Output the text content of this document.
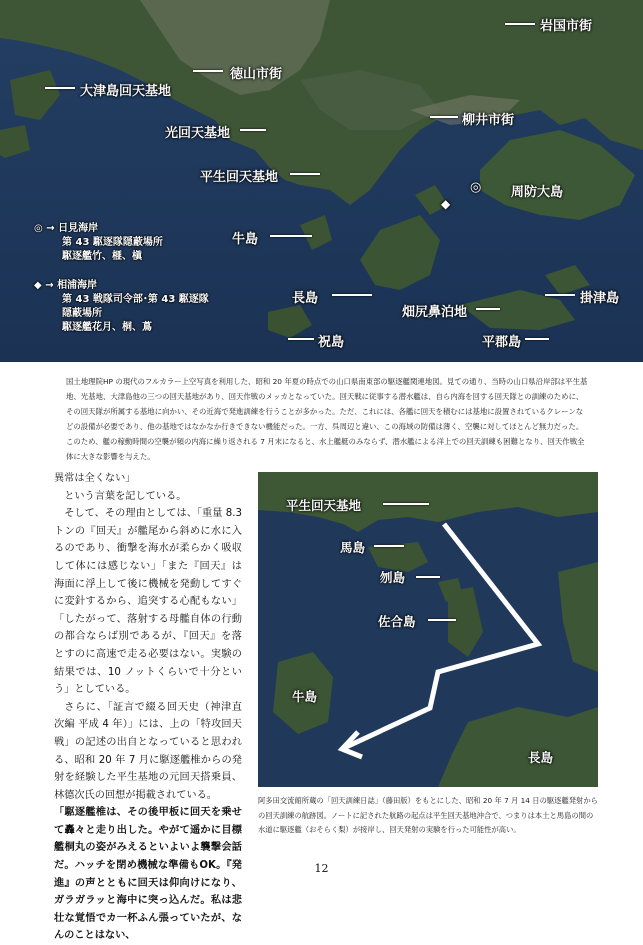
岩国市街
徳山市街
大津島回天基地
柳井市街
光回天基地
平生回天基地
◎ 周防大島
◆
牛島
長島	掛津島
畑尻鼻泊地
平郡島
祝島
◎ → 日見海岸
第 43 駆逐隊隠蔽場所
駆逐艦竹、榧、槇
◆ → 相浦海岸
第 43 戦隊司令部･第 43 駆逐隊
隠蔽場所
駆逐艦花月、桐、蔦
国土地理院HP の現代のフルカラー上空写真を利用した、昭和 20 年夏の時点での山口県南東部の駆逐艦関連地図。見ての通り、当時の山口県沿岸部は平生基地、光基地、大津島他の三つの回天基地があり、回天作戦のメッカとなっていた。回天戦に従事する潜水艦は、自ら内海を回する回天隊との訓練のために、その回天隊が所属する基地に向かい、その近海で発進訓練を行うことが多かった。ただ、これには、各艦に回天を積むには基地に設置されているクレーンなどの設備が必要であり、他の基地ではなかなか行きできない機能だった。一方、呉周辺と違い、この海域の防備は薄く、空襲に対してほとんど無力だった。このため、艦の稼動時間の空襲が頻の内海に繰り返される 7 月末になると、水上艦艇のみならず、潜水艦による洋上での回天訓練も困難となり、回天作戦全体に大きな影響を与えた。

異常は全くない」

という言葉を記している。

そして、その理由としては、「重量 8.3 トンの『回天』が艦尾から斜めに水に入るのであり、衝撃を海水が柔らかく吸収して体には感じない」「また『回天』は海面に浮上して後に機械を発動してすぐに変針するから、追突する心配もない」「したがって、落射する母艦自体の行動の都合ならば別であるが、『回天』を落とすのに高速で走る必要はない。実験の結果では、10 ノットくらいで十分という」としている。

さらに、「証言で綴る回天史（神津直次編 平成 4 年）」には、上の「特攻回天戦」の記述の出自となっていると思われる、昭和 20 年 7 月に駆逐艦椎からの発射を経験した平生基地の元回天搭乗員、林德次氏の回想が掲載されている。

「駆逐艦椎は、その後甲板に回天を乗せて轟々と走り出した。やがて遥かに目標艦桐丸の姿がみえるといよいよ襲撃会話だ。ハッチを閉め機械な準備もOK。『発進』の声とともに回天は仰向けになり、ガラガラッと海中に突っ込んだ。私は悲壮な覚悟でカ一杯ふん張っていたが、なんのことはない、

平生回天基地
馬島
刎島
佐合島
牛島
長島
阿多田交流館所蔵の「回天訓練日誌」（藤田版）をもとにした、昭和 20 年 7 月 14 日の駆逐艦発射からの回天訓練の航跡図。ノートに記された航路の起点は平生回天基地沖合で、つまりは本土と馬島の間の水道に駆逐艦（おそらく梨）が接岸し、回天発射の実験を行った可能性が高い。
12
